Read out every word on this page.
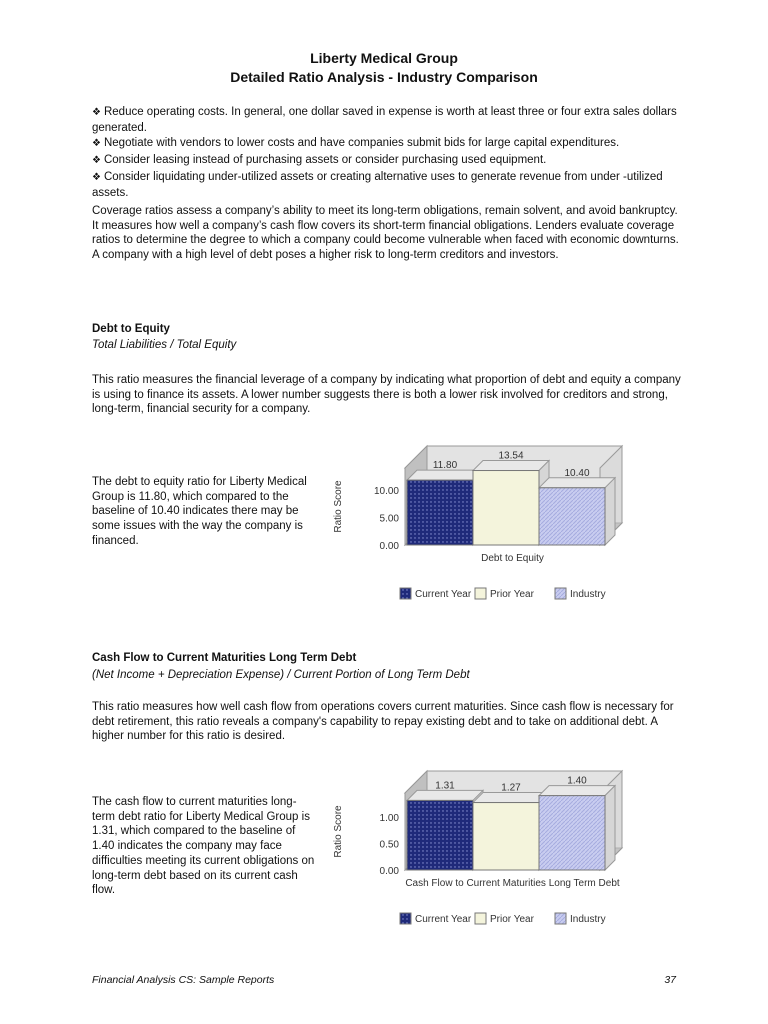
Liberty Medical Group
Detailed Ratio Analysis - Industry Comparison
❖ Reduce operating costs. In general, one dollar saved in expense is worth at least three or four extra sales dollars generated.
❖ Negotiate with vendors to lower costs and have companies submit bids for large capital expenditures.
❖ Consider leasing instead of purchasing assets or consider purchasing used equipment.
❖ Consider liquidating under-utilized assets or creating alternative uses to generate revenue from under -utilized assets.
Coverage ratios assess a company’s ability to meet its long-term obligations, remain solvent, and avoid bankruptcy. It measures how well a company’s cash flow covers its short-term financial obligations. Lenders evaluate coverage ratios to determine the degree to which a company could become vulnerable when faced with economic downturns. A company with a high level of debt poses a higher risk to long-term creditors and investors.
Debt to Equity
Total Liabilities / Total Equity
This ratio measures the financial leverage of a company by indicating what proportion of debt and equity a company is using to finance its assets. A lower number suggests there is both a lower risk involved for creditors and strong, long-term, financial security for a company.
The debt to equity ratio for Liberty Medical Group is 11.80, which compared to the baseline of 10.40 indicates there may be some issues with the way the company is financed.	0.00
5.00
10.00
Ratio Score
11.80
13.54
10.40
Debt to Equity
Current Year Prior Year	Industry
Cash Flow to Current Maturities Long Term Debt
(Net Income + Depreciation Expense) / Current Portion of Long Term Debt
This ratio measures how well cash flow from operations covers current maturities. Since cash flow is necessary for debt retirement, this ratio reveals a company's capability to repay existing debt and to take on additional debt. A higher number for this ratio is desired.
The cash flow to current maturities long-term debt ratio for Liberty Medical Group is 1.31, which compared to the baseline of 1.40 indicates the company may face difficulties meeting its current obligations on long-term debt based on its current cash flow.
0.00
0.50
1.00
Ratio Score
1.31	1.27
1.40
Cash Flow to Current Maturities Long Term Debt
Current Year Prior Year	Industry
Financial Analysis CS: Sample Reports	37
